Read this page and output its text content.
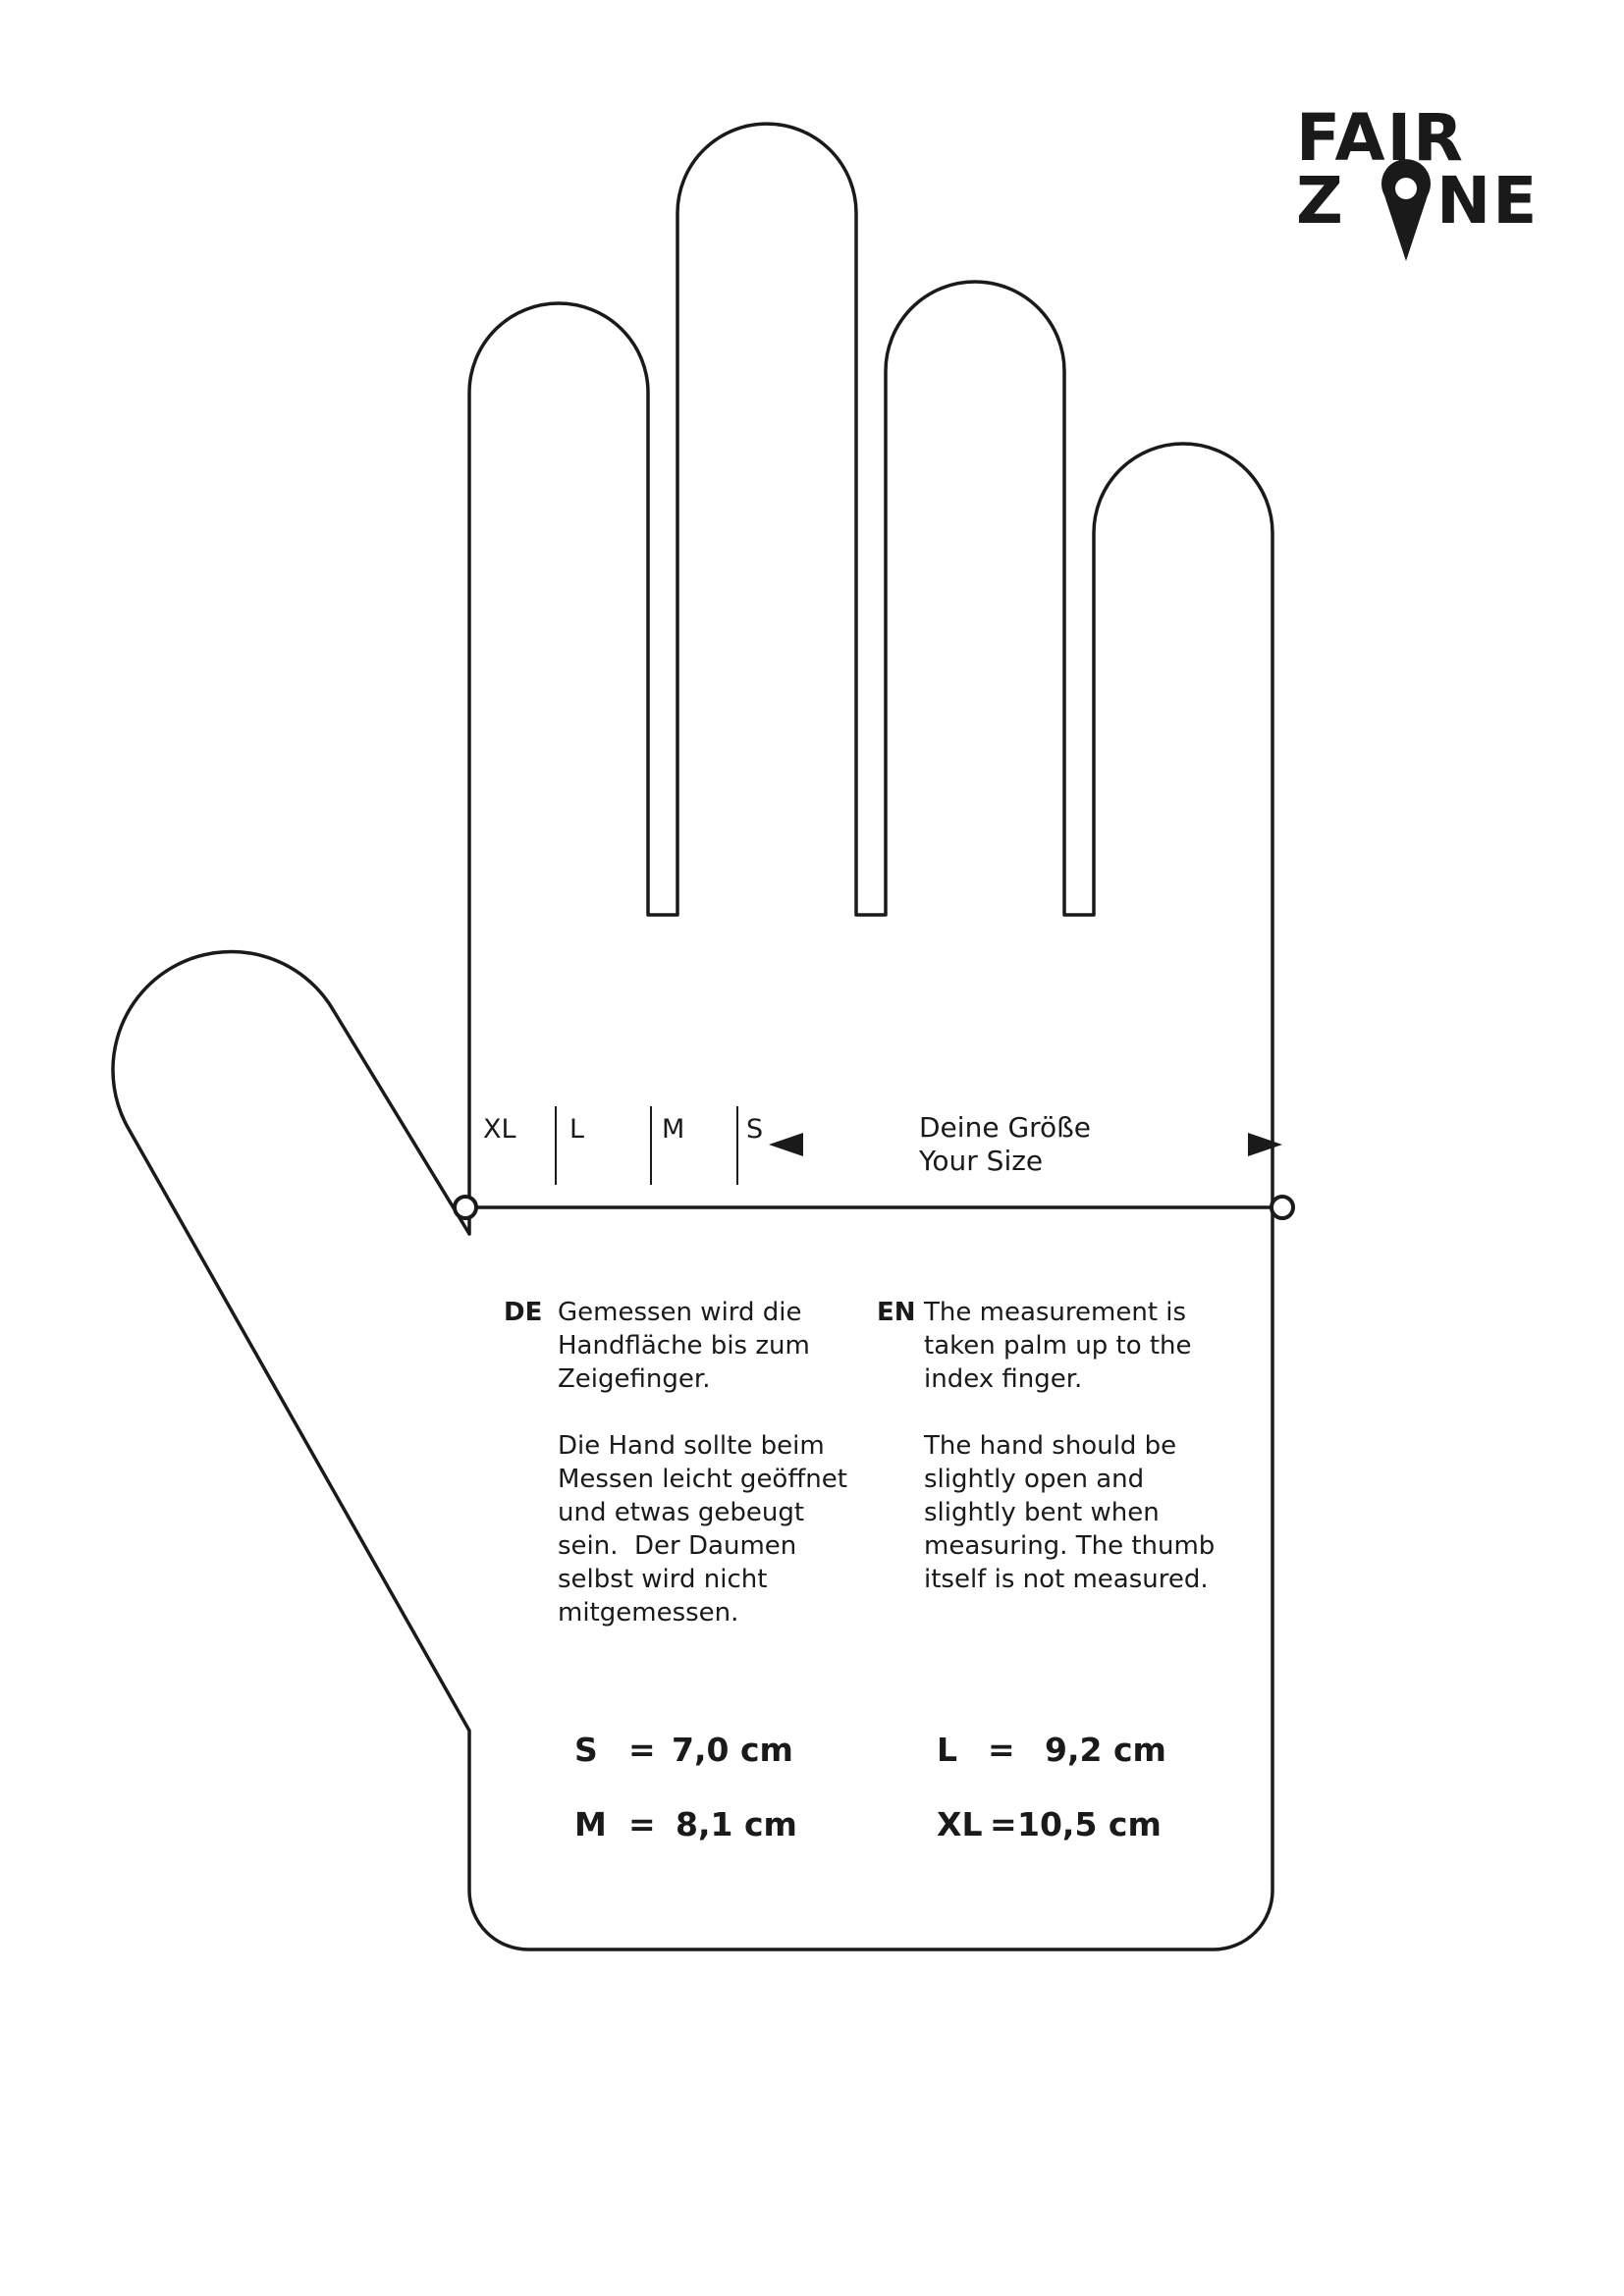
FAIR
Z NE
XL L	M S	Deine Größe
Your Size
DE Gemessen wird die
Handfläche bis zum
Zeigefinger.
Die Hand sollte beim
Messen leicht geöffnet
und etwas gebeugt
sein.  Der Daumen
selbst wird nicht
mitgemessen.
EN The measurement is
taken palm up to the
index finger.
The hand should be
slightly open and
slightly bent when
measuring. The thumb
itself is not measured.
S = 7,0 cm	L = 9,2 cm
M = 8,1 cm	XL = 10,5 cm
